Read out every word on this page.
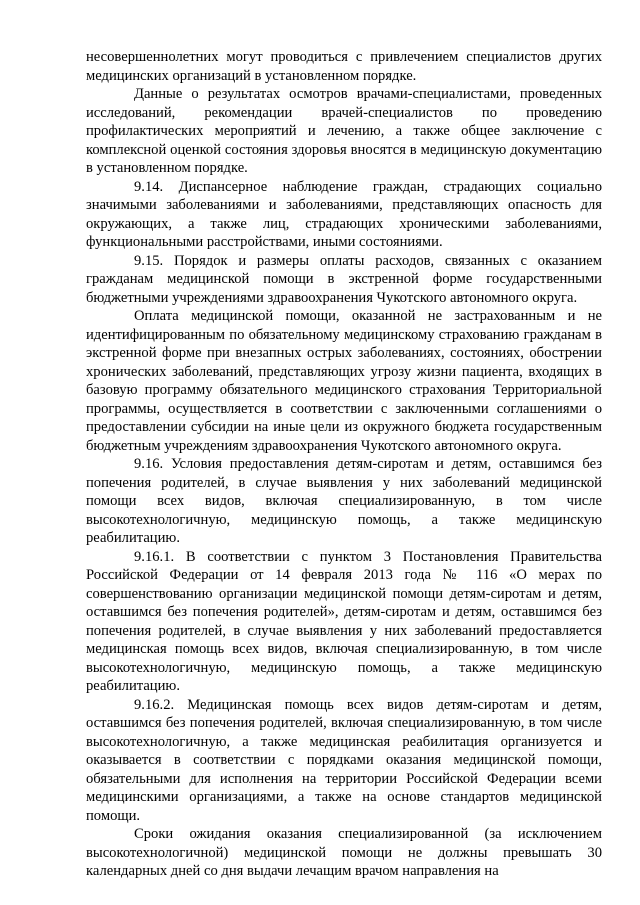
несовершеннолетних могут проводиться с привлечением специалистов других медицинских организаций в установленном порядке.

Данные о результатах осмотров врачами-специалистами, проведенных исследований, рекомендации врачей-специалистов по проведению профилактических мероприятий и лечению, а также общее заключение с комплексной оценкой состояния здоровья вносятся в медицинскую документацию в установленном порядке.

9.14. Диспансерное наблюдение граждан, страдающих социально значимыми заболеваниями и заболеваниями, представляющих опасность для окружающих, а также лиц, страдающих хроническими заболеваниями, функциональными расстройствами, иными состояниями.

9.15. Порядок и размеры оплаты расходов, связанных с оказанием гражданам медицинской помощи в экстренной форме государственными бюджетными учреждениями здравоохранения Чукотского автономного округа.

Оплата медицинской помощи, оказанной не застрахованным и не идентифицированным по обязательному медицинскому страхованию гражданам в экстренной форме при внезапных острых заболеваниях, состояниях, обострении хронических заболеваний, представляющих угрозу жизни пациента, входящих в базовую программу обязательного медицинского страхования Территориальной программы, осуществляется в соответствии с заключенными соглашениями о предоставлении субсидии на иные цели из окружного бюджета государственным бюджетным учреждениям здравоохранения Чукотского автономного округа.

9.16. Условия предоставления детям-сиротам и детям, оставшимся без попечения родителей, в случае выявления у них заболеваний медицинской помощи всех видов, включая специализированную, в том числе высокотехнологичную, медицинскую помощь, а также медицинскую реабилитацию.

9.16.1. В соответствии с пунктом 3 Постановления Правительства Российской Федерации от 14 февраля 2013 года № 116 «О мерах по совершенствованию организации медицинской помощи детям-сиротам и детям, оставшимся без попечения родителей», детям-сиротам и детям, оставшимся без попечения родителей, в случае выявления у них заболеваний предоставляется медицинская помощь всех видов, включая специализированную, в том числе высокотехнологичную, медицинскую помощь, а также медицинскую реабилитацию.

9.16.2. Медицинская помощь всех видов детям-сиротам и детям, оставшимся без попечения родителей, включая специализированную, в том числе высокотехнологичную, а также медицинская реабилитация организуется и оказывается в соответствии с порядками оказания медицинской помощи, обязательными для исполнения на территории Российской Федерации всеми медицинскими организациями, а также на основе стандартов медицинской помощи.

Сроки ожидания оказания специализированной (за исключением высокотехнологичной) медицинской помощи не должны превышать 30 календарных дней со дня выдачи лечащим врачом направления на
